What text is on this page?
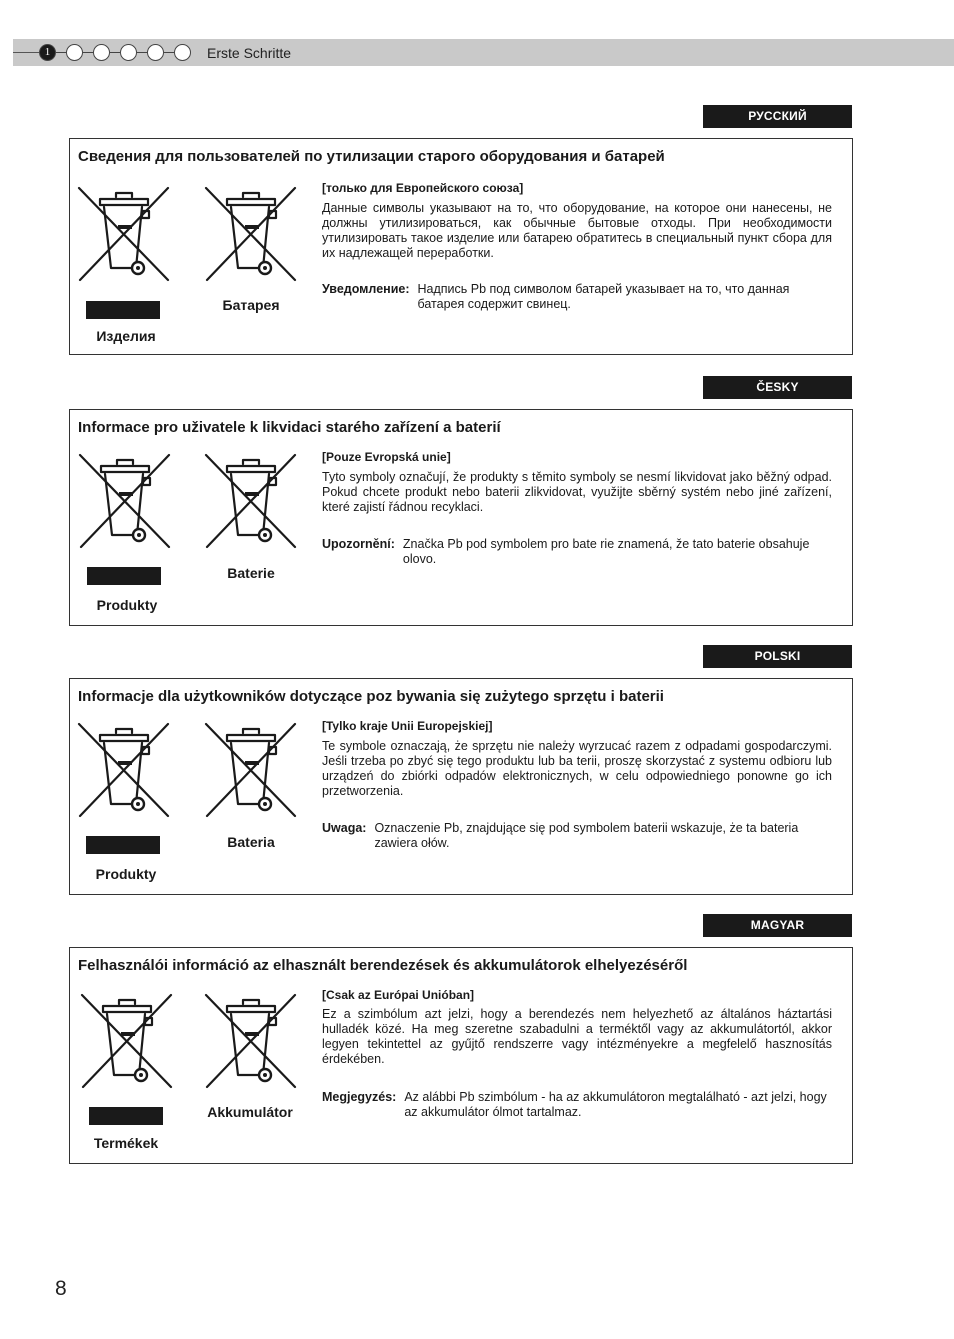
1	Erste Schritte
РУССКИЙ
Сведения для пользователей по утилизации старого оборудования и батарей
Изделия
Батарея
[только для Европейского союза]
Данные символы указывают на то, что оборудование, на которое они нанесены, не должны утилизироваться, как обычные бытовые отходы. При необходимости утилизировать такое изделие или батарею обратитесь в специальный пункт сбора для их надлежащей переработки.
Уведомление: Надпись Pb под символом батарей указывает на то, что данная батарея содержит свинец.
ČESKY
Informace pro uživatele k likvidaci starého zařízení a baterií
Produkty
Baterie
[Pouze Evropská unie]
Tyto symboly označují, že produkty s těmito symboly se nesmí likvidovat jako běžný odpad. Pokud chcete produkt nebo baterii zlikvidovat, využijte sběrný systém nebo jiné zařízení, které zajistí řádnou recyklaci.
Upozornění: Značka Pb pod symbolem pro bate rie znamená, že tato baterie obsahuje olovo.
POLSKI
Informacje dla użytkowników dotyczące poz bywania się zużytego sprzętu i baterii
Produkty
Bateria
[Tylko kraje Unii Europejskiej]
Te symbole oznaczają, że sprzętu nie należy wyrzucać razem z odpadami gospodarczymi. Jeśli trzeba po zbyć się tego produktu lub ba terii, proszę skorzystać z systemu odbioru lub urządzeń do zbiórki odpadów elektronicznych, w celu odpowiedniego ponowne go ich przetworzenia.
Uwaga: Oznaczenie Pb, znajdujące się pod symbolem baterii wskazuje, że ta bateria zawiera ołów.
MAGYAR
Felhasználói információ az elhasznált berendezések és akkumulátorok elhelyezéséről
Termékek
Akkumulátor
[Csak az Európai Unióban]
Ez a szimbólum azt jelzi, hogy a berendezés nem helyezhető az általános háztartási hulladék közé. Ha meg szeretne szabadulni a terméktől vagy az akkumulátortól, akkor legyen tekintettel az gyűjtő rendszerre vagy intézményekre a megfelelő hasznosítás érdekében.
Megjegyzés: Az alábbi Pb szimbólum - ha az akkumulátoron megtalálható - azt jelzi, hogy az akkumulátor ólmot tartalmaz.
8
